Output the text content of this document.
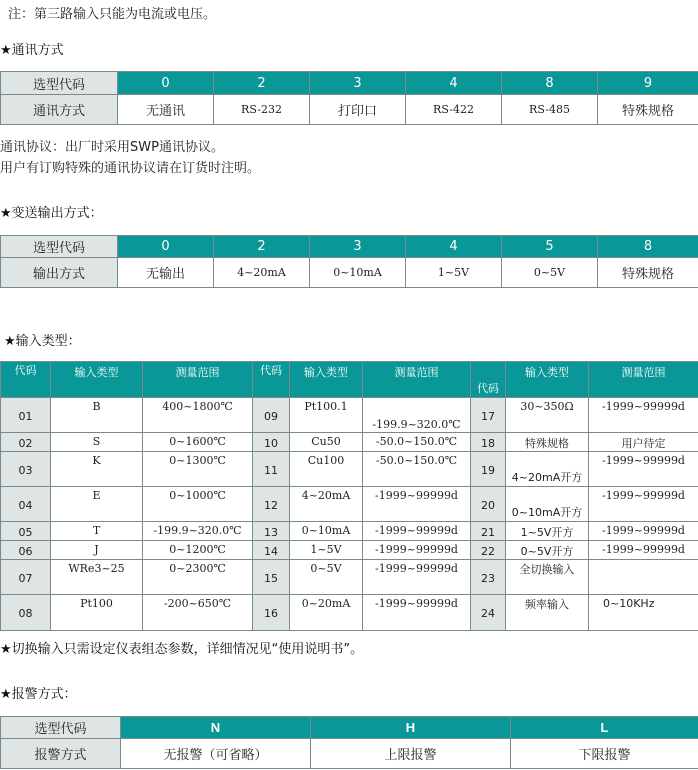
注：第三路输入只能为电流或电压。
★通讯方式
选型代码	0	2	3	4	8	9
通讯方式	无通讯	RS-232	打印口	RS-422	RS-485	特殊规格
通讯协议：出厂时采用SWP通讯协议。
用户有订购特殊的通讯协议请在订货时注明。
★变送输出方式：
选型代码	0	2	3	4	5	8
输出方式	无输出	4~20mA	0~10mA	1~5V	0~5V	特殊规格
★输入类型：
代码	输入类型	测量范围	代码	输入类型	测量范围	代码	输入类型	测量范围
01	B	400~1800℃	09	Pt100.1	-199.9~320.0℃	17	30~350Ω	-1999~99999d
02	S	0~1600℃	10	Cu50	-50.0~150.0℃	18	特殊规格	用户待定
03	K	0~1300℃	11	Cu100	-50.0~150.0℃	19	4~20mA开方	-1999~99999d
04	E	0~1000℃	12	4~20mA	-1999~99999d	20	0~10mA开方	-1999~99999d
05	T	-199.9~320.0℃	13	0~10mA	-1999~99999d	21	1~5V开方	-1999~99999d
06	J	0~1200℃	14	1~5V	-1999~99999d	22	0~5V开方	-1999~99999d
07	WRe3~25	0~2300℃	15	0~5V	-1999~99999d	23	全切换输入	
08	Pt100	-200~650℃	16	0~20mA	-1999~99999d	24	频率输入	0~10KHz
★切换输入只需设定仪表组态参数，详细情况见“使用说明书”。
★报警方式：
选型代码	N	H	L
报警方式	无报警（可省略）	上限报警	下限报警
